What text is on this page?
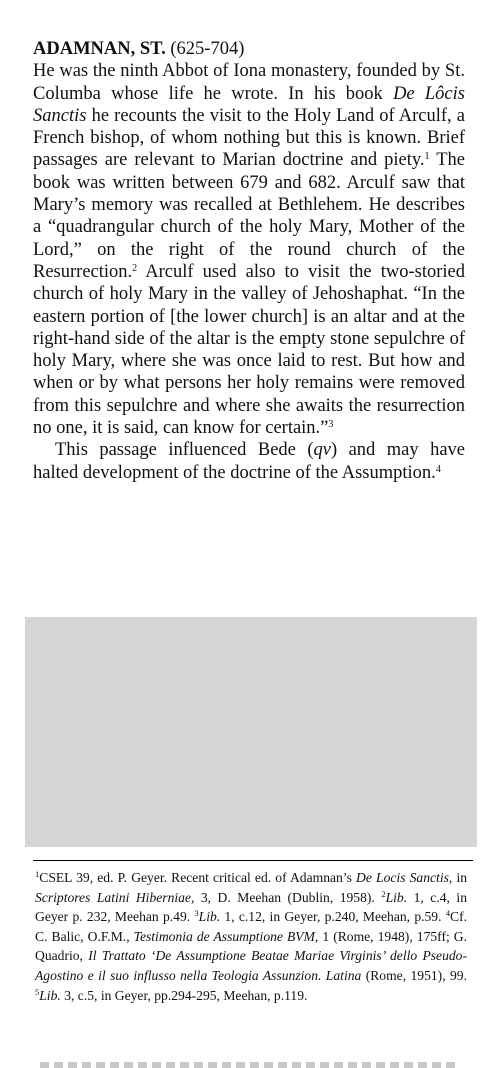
ADAMNAN, ST. (625-704)
He was the ninth Abbot of Iona monastery, founded by St. Columba whose life he wrote. In his book De Lôcis Sanctis he recounts the visit to the Holy Land of Arculf, a French bishop, of whom nothing but this is known. Brief passages are relevant to Marian doctrine and piety.$^1$ The book was written between 679 and 682. Arculf saw that Mary’s memory was recalled at Bethlehem. He describes a “quadrangular church of the holy Mary, Mother of the Lord,” on the right of the round church of the Resurrection.$^2$ Arculf used also to visit the two-storied church of holy Mary in the valley of Jehoshaphat. “In the eastern portion of [the lower church] is an altar and at the right-hand side of the altar is the empty stone sepulchre of holy Mary, where she was once laid to rest. But how and when or by what persons her holy remains were removed from this sepulchre and where she awaits the resurrection no one, it is said, can know for certain.”$^3$

This passage influenced Bede (qv) and may have halted development of the doctrine of the Assumption.$^4$

$^1$CSEL 39, ed. P. Geyer. Recent critical ed. of Adamnan’s De Locis Sanctis, in Scriptores Latini Hiberniae, 3, D. Meehan (Dublin, 1958). $^2$Lib. 1, c.4, in Geyer p. 232, Meehan p.49. $^3$Lib. 1, c.12, in Geyer, p.240, Meehan, p.59. $^4$Cf. C. Balic, O.F.M., Testimonia de Assumptione BVM, 1 (Rome, 1948), 175ff; G. Quadrio, Il Trattato ‘De Assumptione Beatae Mariae Virginis’ dello Pseudo-Agostino e il suo influsso nella Teologia Assunzion. Latina (Rome, 1951), 99. $^5$Lib. 3, c.5, in Geyer, pp.294-295, Meehan, p.119.
